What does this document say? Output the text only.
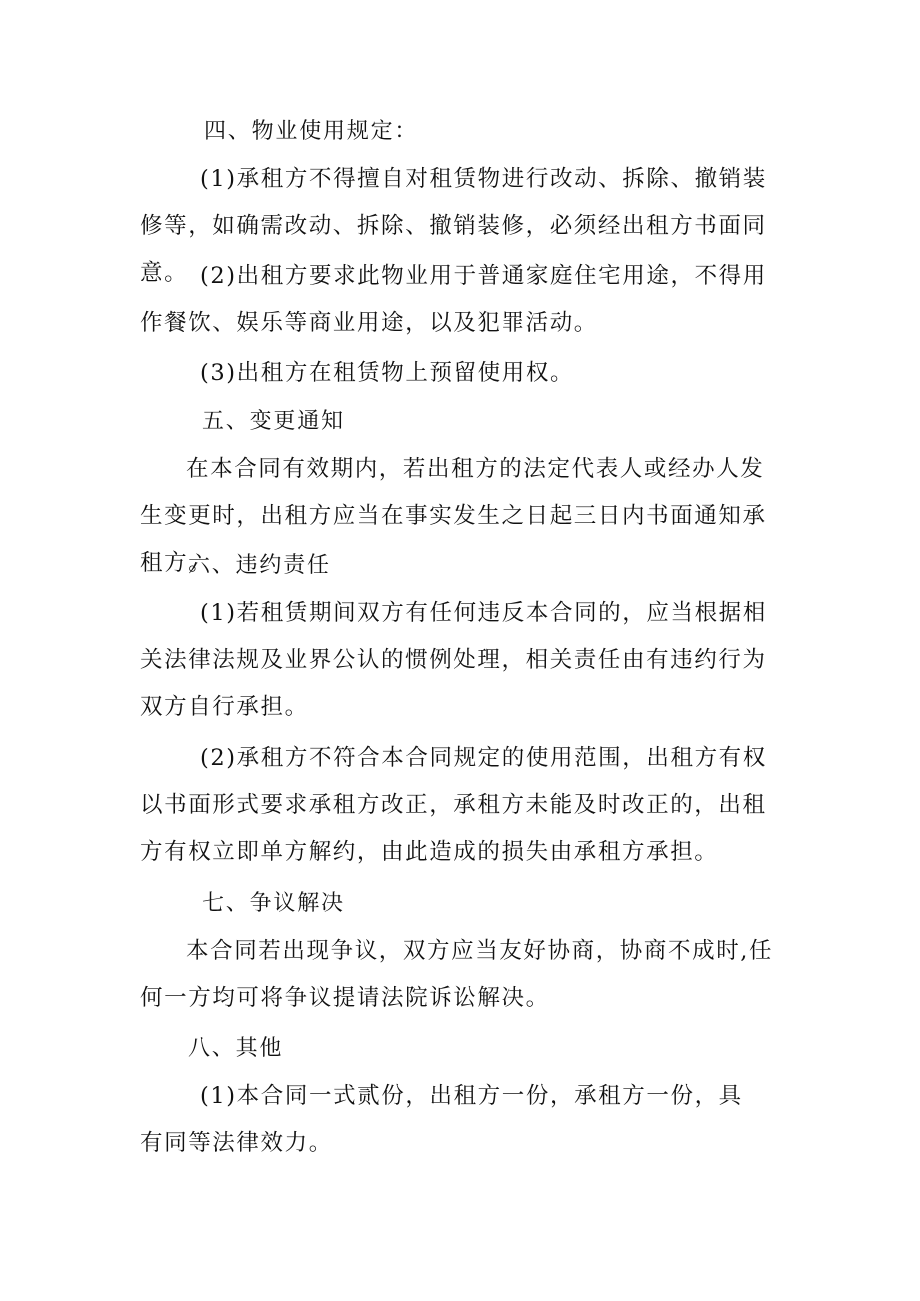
四、物业使用规定：

(1)承租方不得擅自对租赁物进行改动、拆除、撤销装修等，如确需改动、拆除、撤销装修，必须经出租方书面同意。 (2)出租方要求此物业用于普通家庭住宅用途，不得用作餐饮、娱乐等商业用途，以及犯罪活动。

(3)出租方在租赁物上预留使用权。

五、变更通知

在本合同有效期内，若出租方的法定代表人或经办人发生变更时，出租方应当在事实发生之日起三日内书面通知承租方。

六、违约责任

(1)若租赁期间双方有任何违反本合同的，应当根据相关法律法规及业界公认的惯例处理，相关责任由有违约行为双方自行承担。

(2)承租方不符合本合同规定的使用范围，出租方有权以书面形式要求承租方改正，承租方未能及时改正的，出租方有权立即单方解约，由此造成的损失由承租方承担。

七、争议解决

本合同若出现争议，双方应当友好协商，协商不成时,任何一方均可将争议提请法院诉讼解决。

八、其他

(1)本合同一式贰份，出租方一份，承租方一份，具有同等法律效力。
